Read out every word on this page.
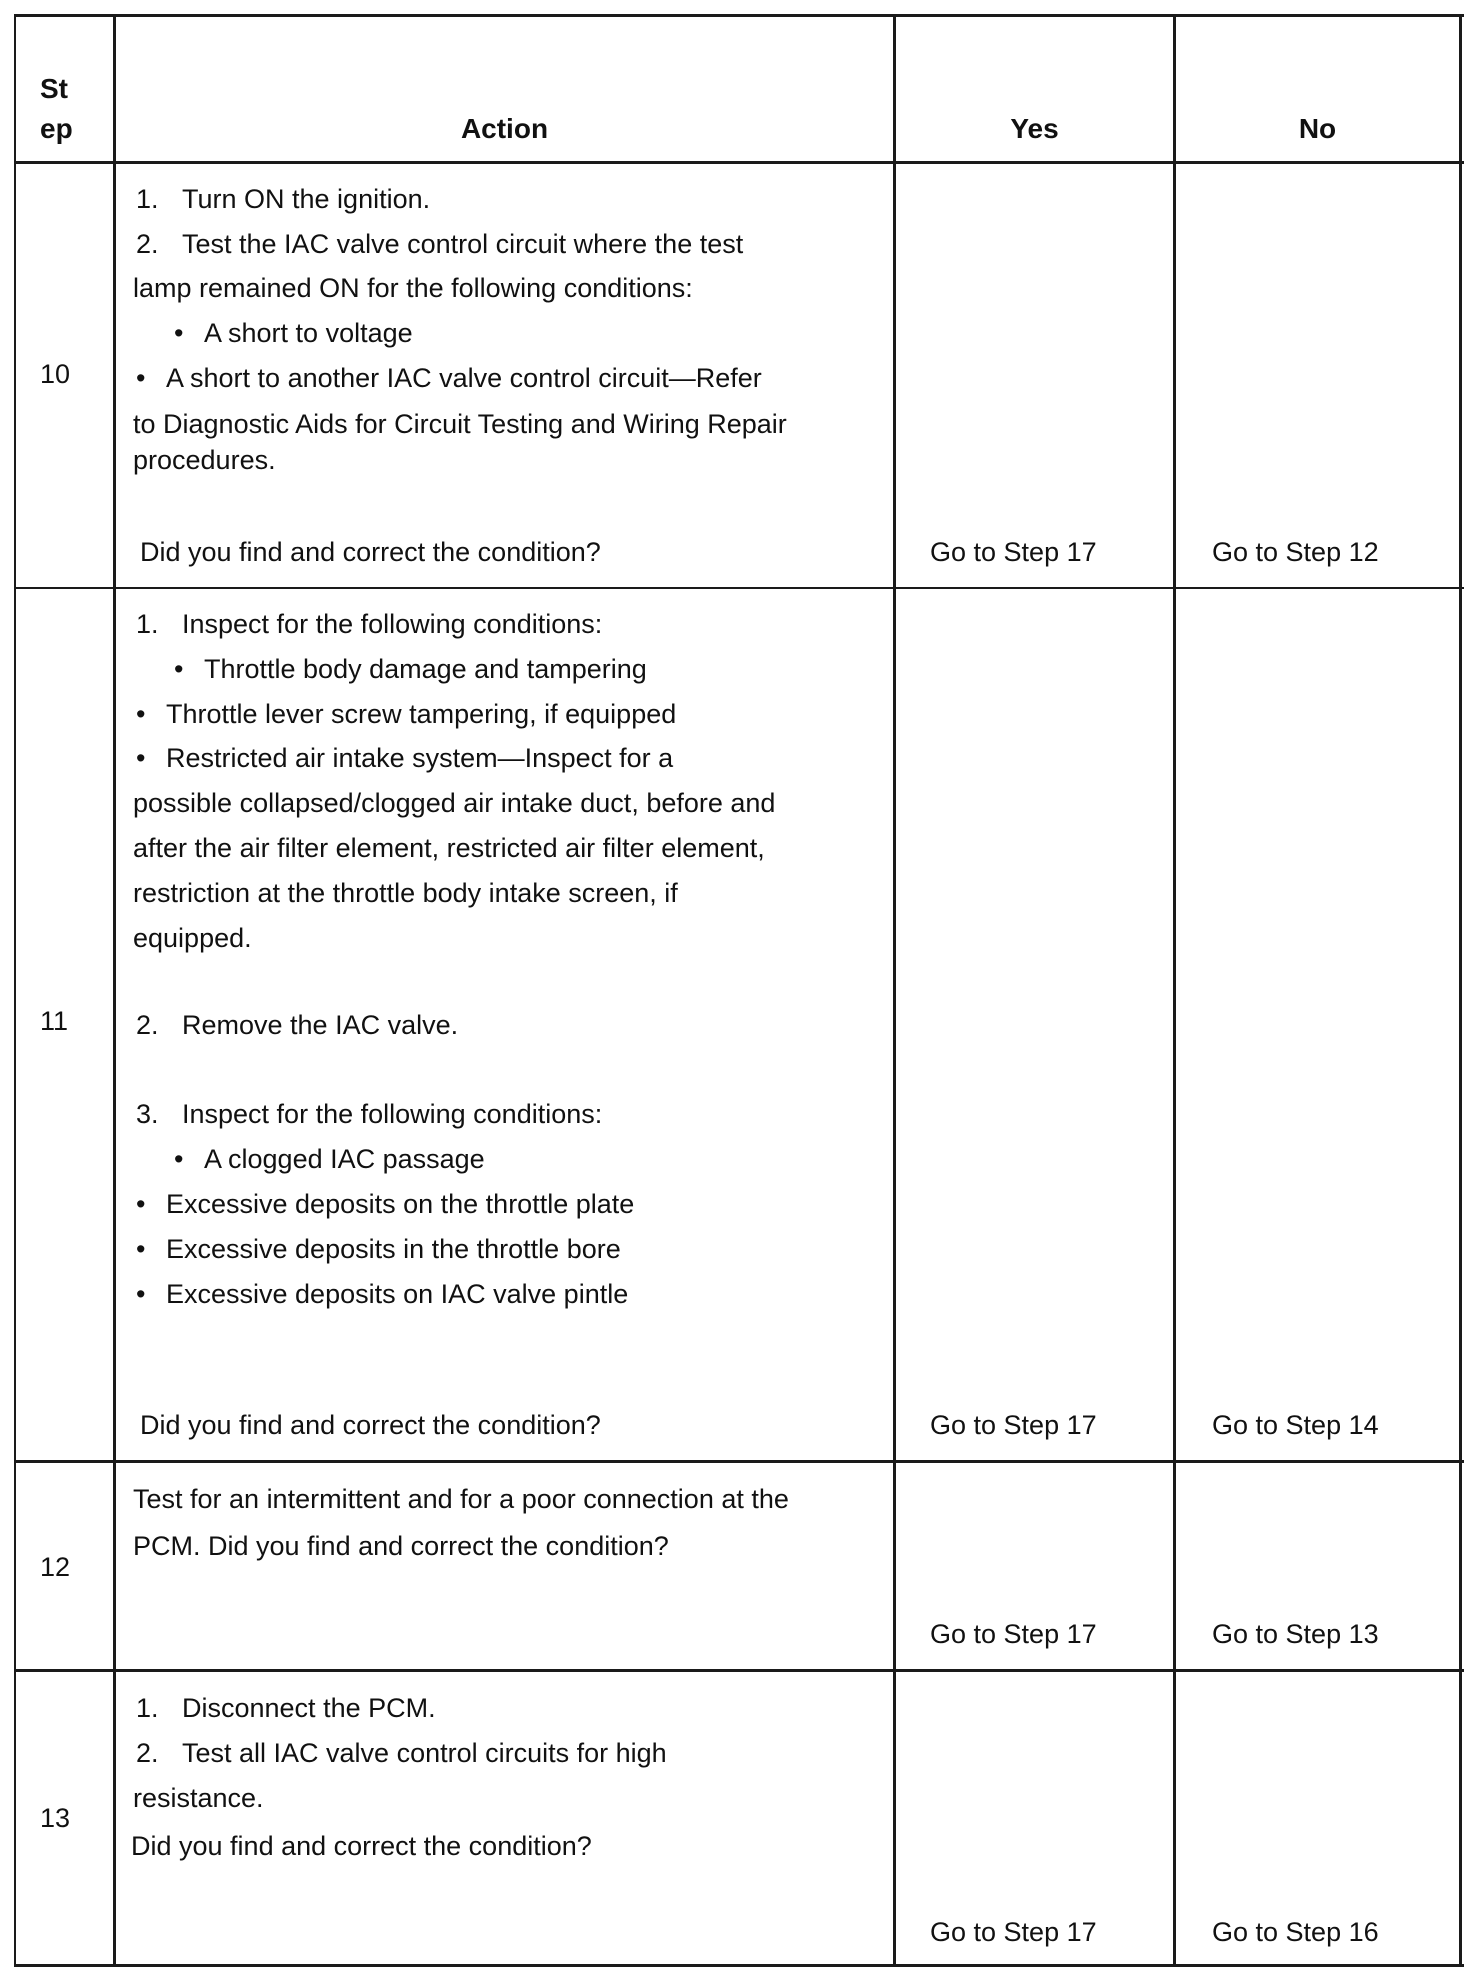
St
ep	Action	Yes	No
10
1. Turn ON the ignition.
2. Test the IAC valve control circuit where the test
lamp remained ON for the following conditions:
• A short to voltage
• A short to another IAC valve control circuit—Refer
to Diagnostic Aids for Circuit Testing and Wiring Repair
procedures.
Did you find and correct the condition?	Go to Step 17	Go to Step 12
11
1. Inspect for the following conditions:
• Throttle body damage and tampering
• Throttle lever screw tampering, if equipped
• Restricted air intake system—Inspect for a
possible collapsed/clogged air intake duct, before and
after the air filter element, restricted air filter element,
restriction at the throttle body intake screen, if
equipped.
2. Remove the IAC valve.
3. Inspect for the following conditions:
• A clogged IAC passage
• Excessive deposits on the throttle plate
• Excessive deposits in the throttle bore
• Excessive deposits on IAC valve pintle
Did you find and correct the condition?	Go to Step 17	Go to Step 14
12
Test for an intermittent and for a poor connection at the
PCM. Did you find and correct the condition?
Go to Step 17	Go to Step 13
13
1. Disconnect the PCM.
2. Test all IAC valve control circuits for high
resistance.
Did you find and correct the condition?
Go to Step 17	Go to Step 16
